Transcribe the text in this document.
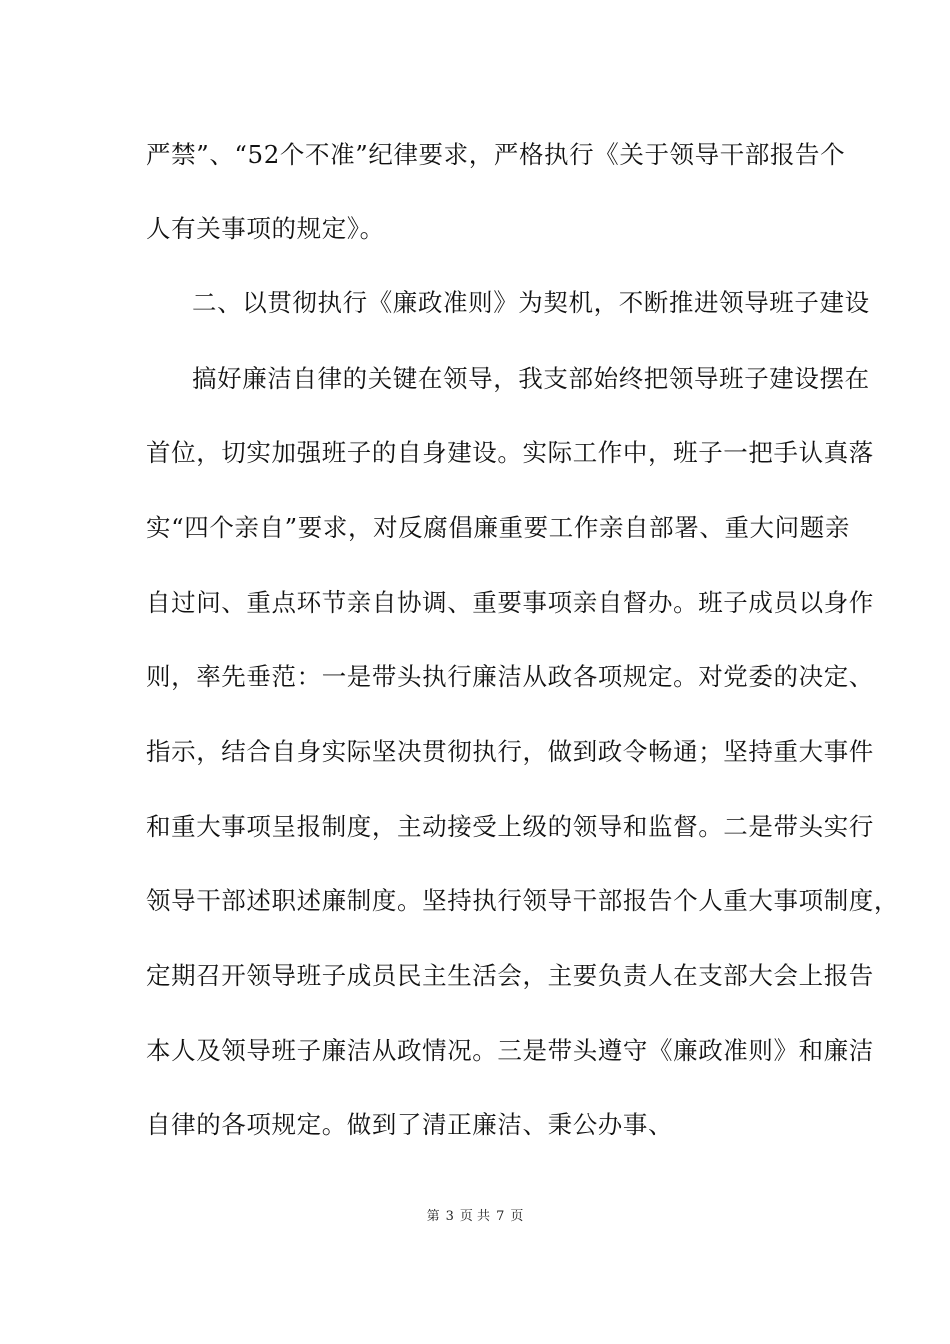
严禁”、“52个不准”纪律要求，严格执行《关于领导干部报告个
人有关事项的规定》。
二、以贯彻执行《廉政准则》为契机，不断推进领导班子建设
搞好廉洁自律的关键在领导，我支部始终把领导班子建设摆在
首位，切实加强班子的自身建设。实际工作中，班子一把手认真落
实“四个亲自”要求，对反腐倡廉重要工作亲自部署、重大问题亲
自过问、重点环节亲自协调、重要事项亲自督办。班子成员以身作
则，率先垂范：一是带头执行廉洁从政各项规定。对党委的决定、
指示，结合自身实际坚决贯彻执行，做到政令畅通；坚持重大事件
和重大事项呈报制度，主动接受上级的领导和监督。二是带头实行
领导干部述职述廉制度。坚持执行领导干部报告个人重大事项制度，
定期召开领导班子成员民主生活会，主要负责人在支部大会上报告
本人及领导班子廉洁从政情况。三是带头遵守《廉政准则》和廉洁
自律的各项规定。做到了清正廉洁、秉公办事、
第 3 页 共 7 页
